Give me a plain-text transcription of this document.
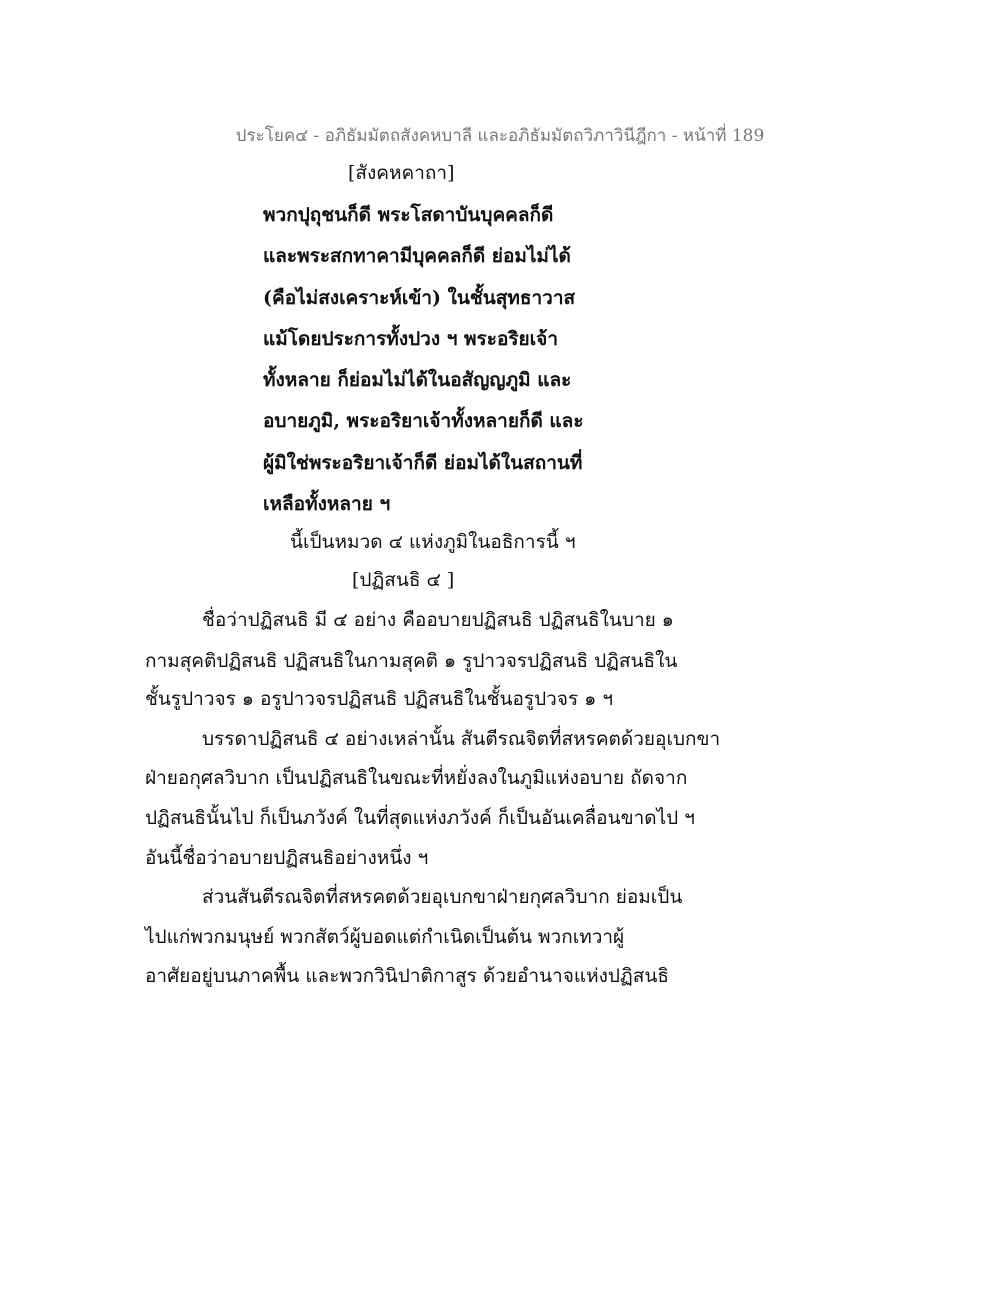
ประโยค๔ - อภิธัมมัตถสังคหบาลี และอภิธัมมัตถวิภาวินีฎีกา - หน้าที่ 189
[สังคหคาถา]
พวกปุถุชนก็ดี พระโสดาบันบุคคลก็ดี
และพระสกทาคามีบุคคลก็ดี ย่อมไม่ได้
(คือไม่สงเคราะห์เข้า) ในชั้นสุทธาวาส
แม้โดยประการทั้งปวง ฯ พระอริยเจ้า
ทั้งหลาย ก็ย่อมไม่ได้ในอสัญญภูมิ และ
อบายภูมิ, พระอริยาเจ้าทั้งหลายก็ดี และ
ผู้มิใช่พระอริยาเจ้าก็ดี ย่อมได้ในสถานที่
เหลือทั้งหลาย ฯ
นี้เป็นหมวด ๔ แห่งภูมิในอธิการนี้ ฯ
[ปฏิสนธิ ๔ ]
ชื่อว่าปฏิสนธิ มี ๔ อย่าง คืออบายปฏิสนธิ ปฏิสนธิในบาย ๑
กามสุคติปฏิสนธิ ปฏิสนธิในกามสุคติ ๑ รูปาวจรปฏิสนธิ ปฏิสนธิใน
ชั้นรูปาวจร ๑ อรูปาวจรปฏิสนธิ ปฏิสนธิในชั้นอรูปวจร ๑ ฯ
บรรดาปฏิสนธิ ๔ อย่างเหล่านั้น สันตีรณจิตที่สหรคตด้วยอุเบกขา
ฝ่ายอกุศลวิบาก เป็นปฏิสนธิในขณะที่หยั่งลงในภูมิแห่งอบาย ถัดจาก
ปฏิสนธินั้นไป ก็เป็นภวังค์ ในที่สุดแห่งภวังค์ ก็เป็นอันเคลื่อนขาดไป ฯ
อันนี้ชื่อว่าอบายปฏิสนธิอย่างหนึ่ง ฯ
ส่วนสันตีรณจิตที่สหรคตด้วยอุเบกขาฝ่ายกุศลวิบาก ย่อมเป็น
ไปแก่พวกมนุษย์ พวกสัตว์ผู้บอดแต่กำเนิดเป็นต้น พวกเทวาผู้
อาศัยอยู่บนภาคพื้น และพวกวินิปาติกาสูร ด้วยอำนาจแห่งปฏิสนธิ
